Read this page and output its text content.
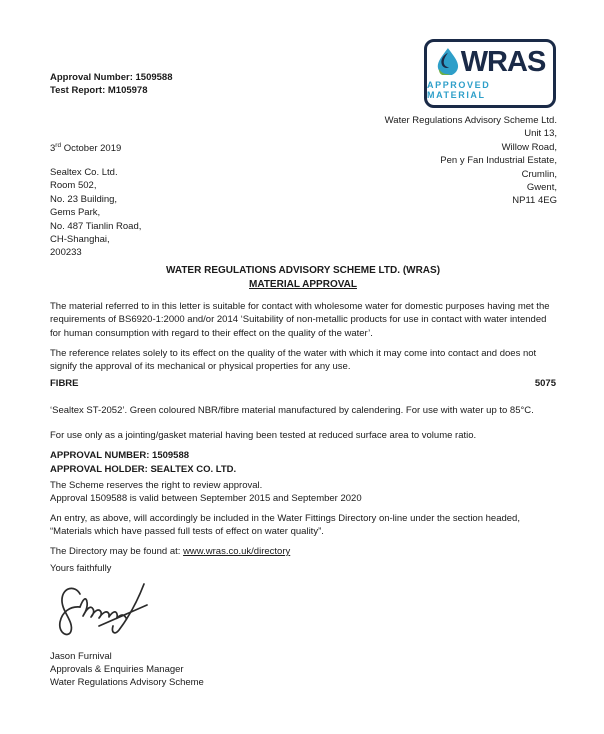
Approval Number: 1509588
Test Report: M105978
WRAS
APPROVED MATERIAL
Water Regulations Advisory Scheme Ltd.
Unit 13,
Willow Road,
Pen y Fan Industrial Estate,
Crumlin,
Gwent,
NP11 4EG
3rd October 2019
Sealtex Co. Ltd.
Room 502,
No. 23 Building,
Gems Park,
No. 487 Tianlin Road,
CH-Shanghai,
200233
WATER REGULATIONS ADVISORY SCHEME LTD. (WRAS)
MATERIAL APPROVAL

The material referred to in this letter is suitable for contact with wholesome water for domestic purposes having met the requirements of BS6920-1:2000 and/or 2014 ‘Suitability of non-metallic products for use in contact with water intended for human consumption with regard to their effect on the quality of the water’.

The reference relates solely to its effect on the quality of the water with which it may come into contact and does not signify the approval of its mechanical or physical properties for any use.

FIBRE	5075

‘Sealtex ST-2052’. Green coloured NBR/fibre material manufactured by calendering. For use with water up to 85°C.

For use only as a jointing/gasket material having been tested at reduced surface area to volume ratio.

APPROVAL NUMBER: 1509588
APPROVAL HOLDER: SEALTEX CO. LTD.
The Scheme reserves the right to review approval.
Approval 1509588 is valid between September 2015 and September 2020

An entry, as above, will accordingly be included in the Water Fittings Directory on-line under the section headed, “Materials which have passed full tests of effect on water quality”.

The Directory may be found at: www.wras.co.uk/directory

Yours faithfully

Jason Furnival
Approvals & Enquiries Manager
Water Regulations Advisory Scheme
